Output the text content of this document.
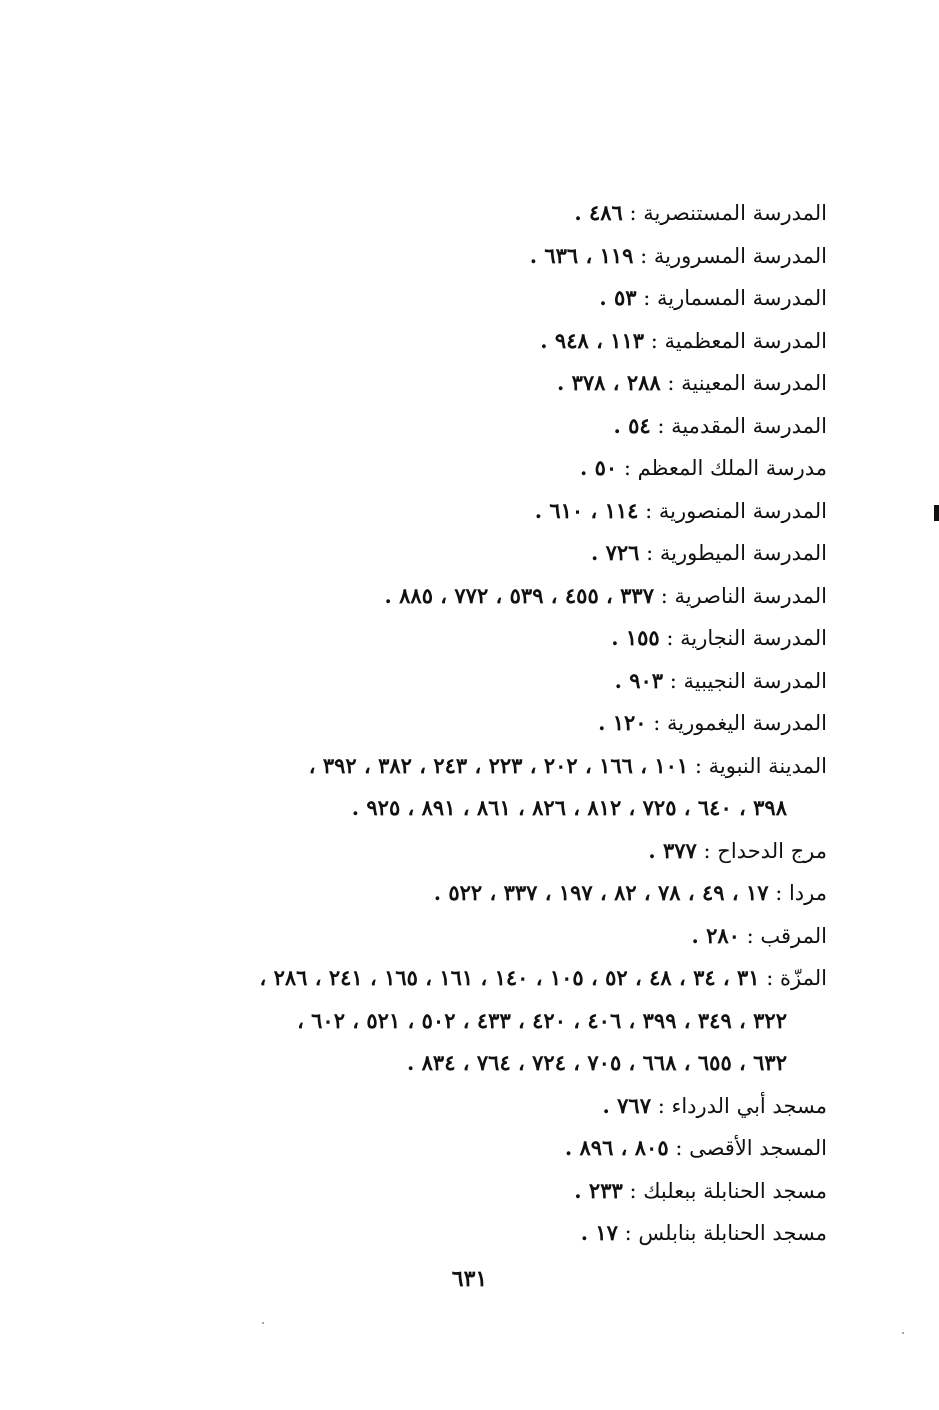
المدرسة المستنصرية : ٤٨٦ .
المدرسة المسرورية : ١١٩ ، ٦٣٦ .
المدرسة المسمارية : ٥٣ .
المدرسة المعظمية : ١١٣ ، ٩٤٨ .
المدرسة المعينية : ٢٨٨ ، ٣٧٨ .
المدرسة المقدمية : ٥٤ .
مدرسة الملك المعظم : ٥٠ .
المدرسة المنصورية : ١١٤ ، ٦١٠ .
المدرسة الميطورية : ٧٢٦ .
المدرسة الناصرية : ٣٣٧ ، ٤٥٥ ، ٥٣٩ ، ٧٧٢ ، ٨٨٥ .
المدرسة النجارية : ١٥٥ .
المدرسة النجيبية : ٩٠٣ .
المدرسة اليغمورية : ١٢٠ .
المدينة النبوية : ١٠١ ، ١٦٦ ، ٢٠٢ ، ٢٢٣ ، ٢٤٣ ، ٣٨٢ ، ٣٩٢ ،
٣٩٨ ، ٦٤٠ ، ٧٢٥ ، ٨١٢ ، ٨٢٦ ، ٨٦١ ، ٨٩١ ، ٩٢٥ .
مرج الدحداح : ٣٧٧ .
مردا : ١٧ ، ٤٩ ، ٧٨ ، ٨٢ ، ١٩٧ ، ٣٣٧ ، ٥٢٢ .
المرقب : ٢٨٠ .
المزّة : ٣١ ، ٣٤ ، ٤٨ ، ٥٢ ، ١٠٥ ، ١٤٠ ، ١٦١ ، ١٦٥ ، ٢٤١ ، ٢٨٦ ،
٣٢٢ ، ٣٤٩ ، ٣٩٩ ، ٤٠٦ ، ٤٢٠ ، ٤٣٣ ، ٥٠٢ ، ٥٢١ ، ٦٠٢ ،
٦٣٢ ، ٦٥٥ ، ٦٦٨ ، ٧٠٥ ، ٧٢٤ ، ٧٦٤ ، ٨٣٤ .
مسجد أبي الدرداء : ٧٦٧ .
المسجد الأقصى : ٨٠٥ ، ٨٩٦ .
مسجد الحنابلة ببعلبك : ٢٣٣ .
مسجد الحنابلة بنابلس : ١٧ .
٦٣١
